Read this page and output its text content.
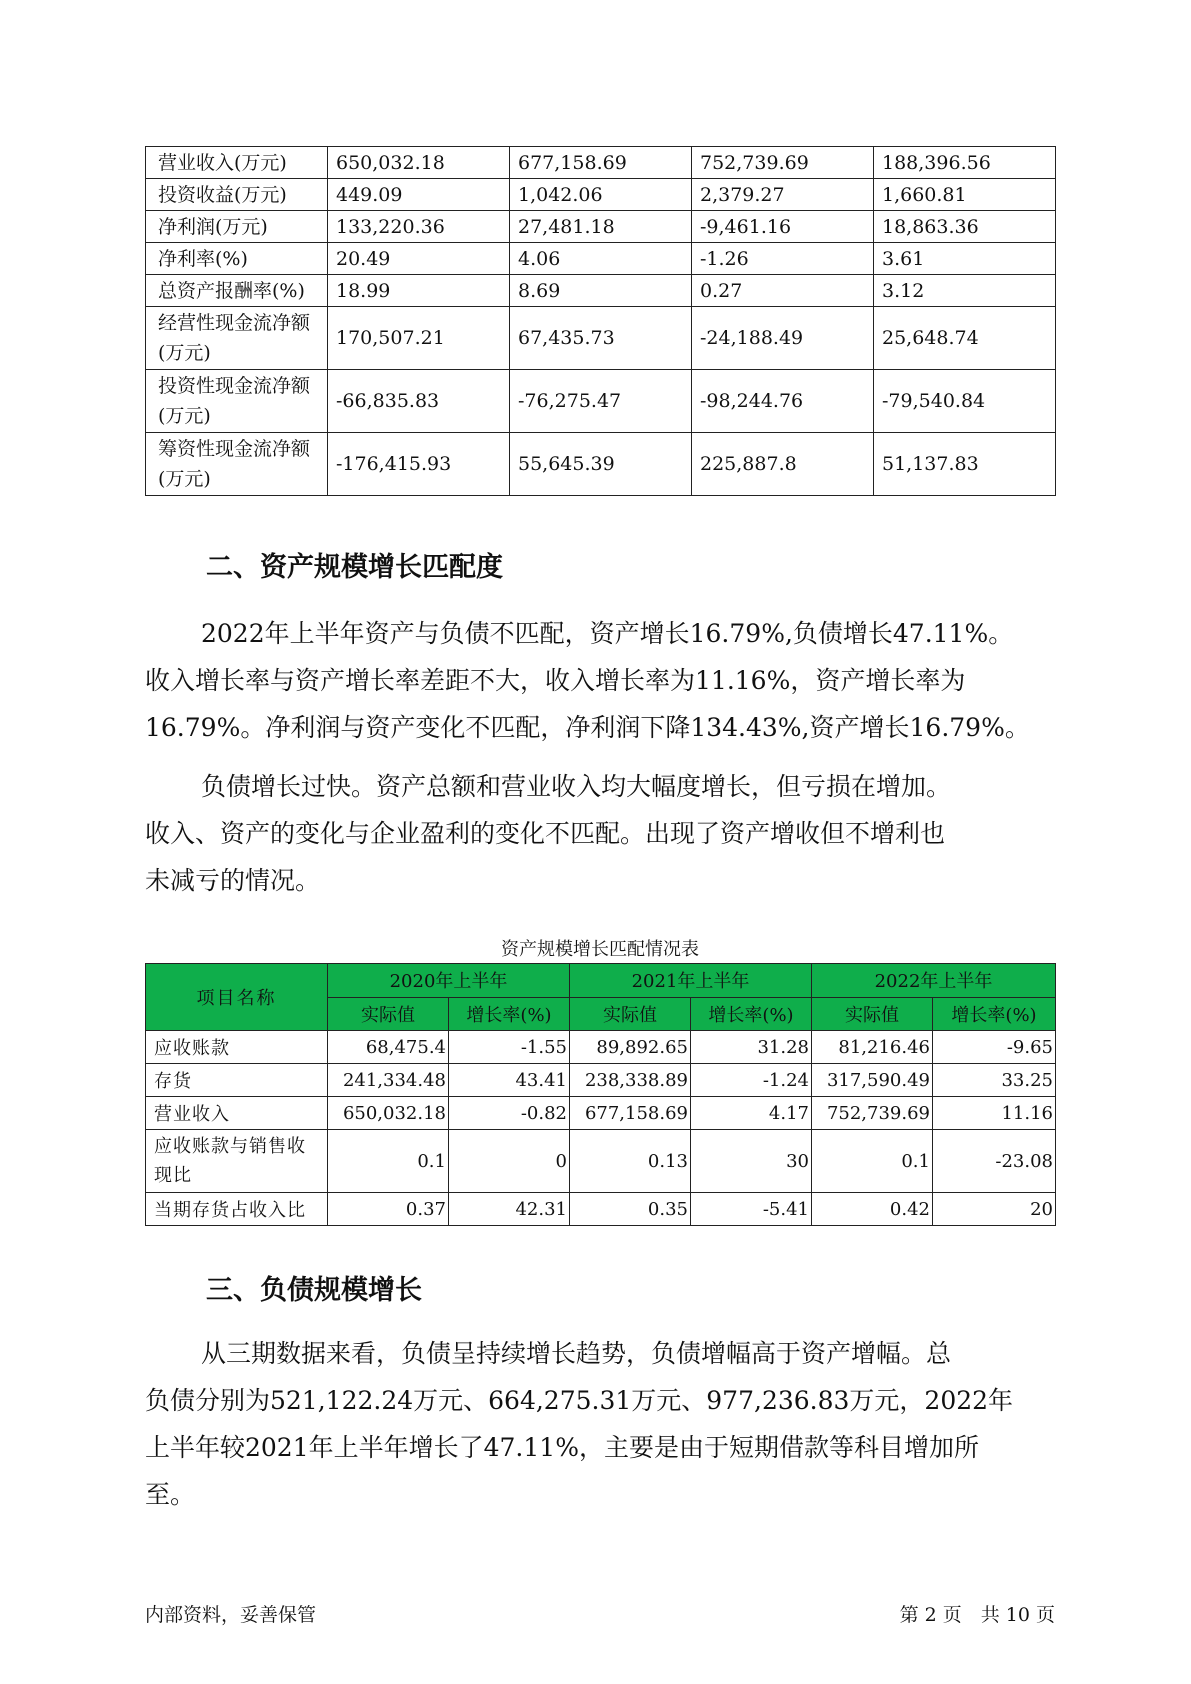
营业收入(万元)	650,032.18	677,158.69	752,739.69	188,396.56
投资收益(万元)	449.09	1,042.06	2,379.27	1,660.81
净利润(万元)	133,220.36	27,481.18	-9,461.16	18,863.36
净利率(%)	20.49	4.06	-1.26	3.61
总资产报酬率(%)	18.99	8.69	0.27	3.12
经营性现金流净额
(万元)	170,507.21	67,435.73	-24,188.49	25,648.74
投资性现金流净额
(万元)	-66,835.83	-76,275.47	-98,244.76	-79,540.84
筹资性现金流净额
(万元)	-176,415.93	55,645.39	225,887.8	51,137.83
二、资产规模增长匹配度
2022年上半年资产与负债不匹配，资产增长16.79%,负债增长47.11%。
收入增长率与资产增长率差距不大，收入增长率为11.16%，资产增长率为
16.79%。净利润与资产变化不匹配，净利润下降134.43%,资产增长16.79%。
负债增长过快。资产总额和营业收入均大幅度增长，但亏损在增加。
收入、资产的变化与企业盈利的变化不匹配。出现了资产增收但不增利也
未减亏的情况。
资产规模增长匹配情况表
项目名称	2020年上半年		2021年上半年		2022年上半年	
	实际值	增长率(%)	实际值	增长率(%)	实际值	增长率(%)
应收账款	68,475.4	-1.55	89,892.65	31.28	81,216.46	-9.65
存货	241,334.48	43.41	238,338.89	-1.24	317,590.49	33.25
营业收入	650,032.18	-0.82	677,158.69	4.17	752,739.69	11.16
应收账款与销售收
现比	0.1	0	0.13	30	0.1	-23.08
当期存货占收入比	0.37	42.31	0.35	-5.41	0.42	20
三、负债规模增长
从三期数据来看，负债呈持续增长趋势，负债增幅高于资产增幅。总
负债分别为521,122.24万元、664,275.31万元、977,236.83万元，2022年
上半年较2021年上半年增长了47.11%，主要是由于短期借款等科目增加所
至。
内部资料，妥善保管	第 2 页　共 10 页
